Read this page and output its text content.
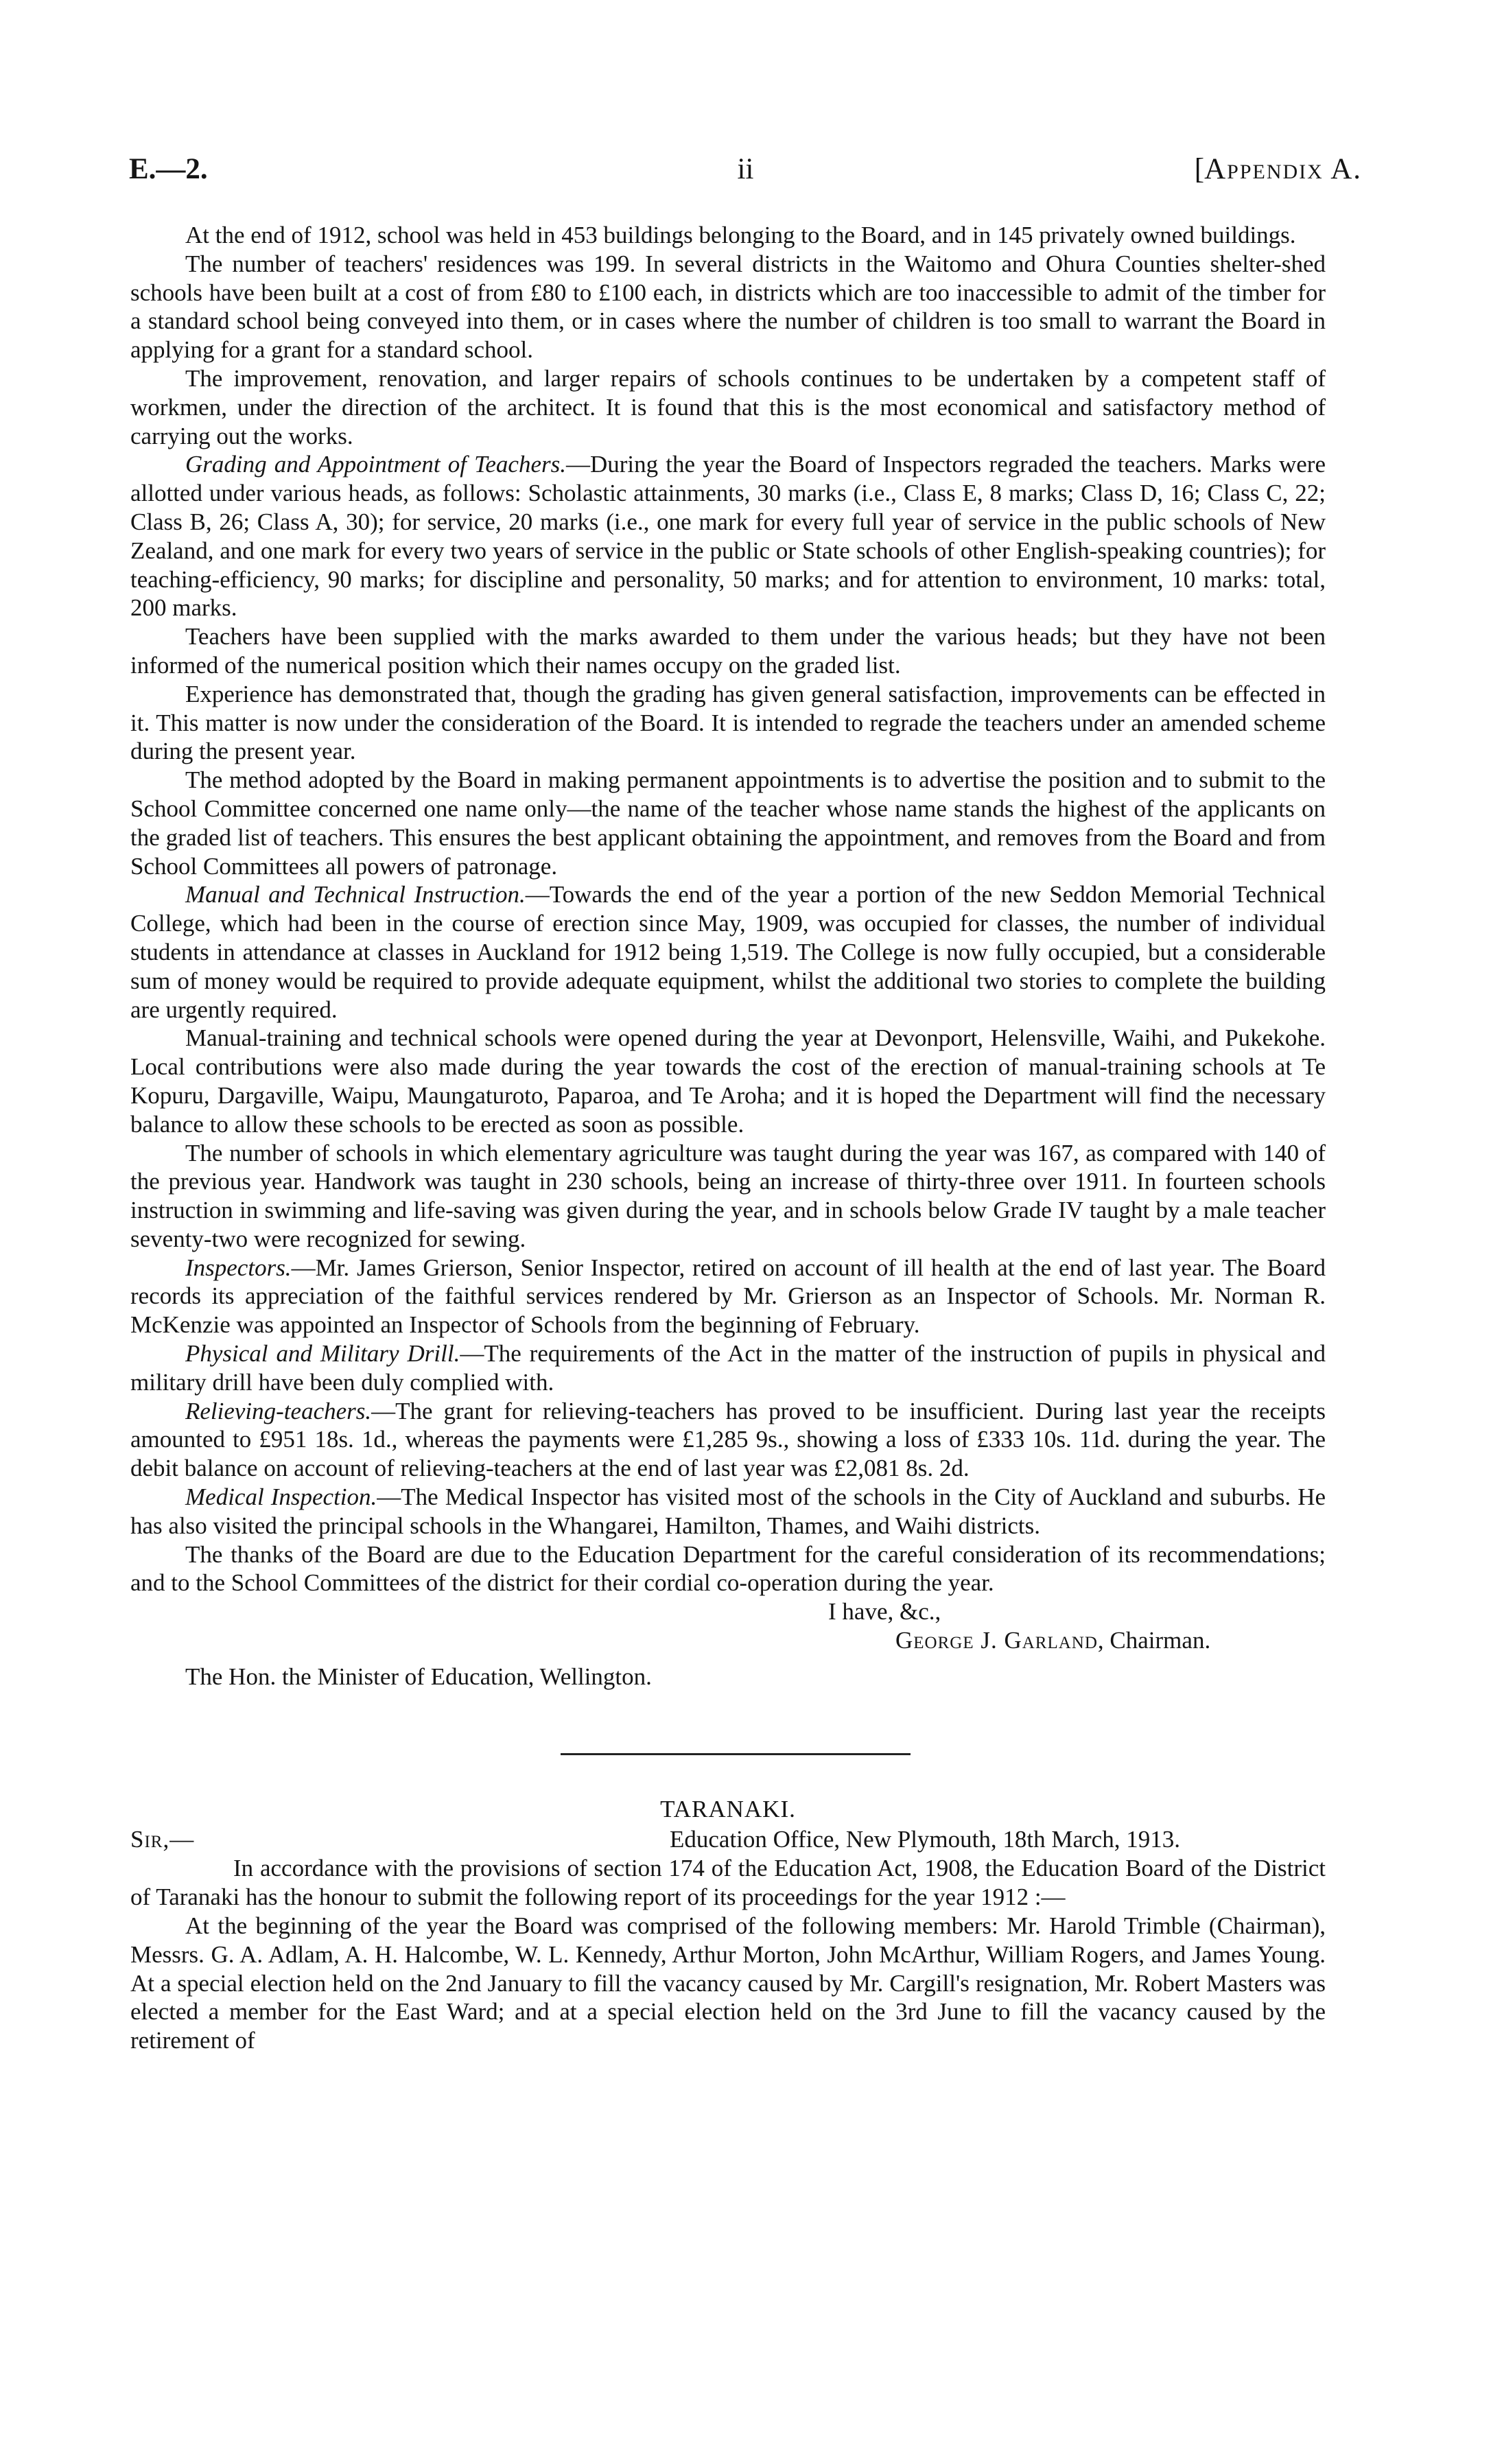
E.—2.	ii	[Appendix A.

At the end of 1912, school was held in 453 buildings belonging to the Board, and in 145 privately owned buildings.

The number of teachers' residences was 199. In several districts in the Waitomo and Ohura Counties shelter-shed schools have been built at a cost of from £80 to £100 each, in districts which are too inaccessible to admit of the timber for a standard school being conveyed into them, or in cases where the number of children is too small to warrant the Board in applying for a grant for a standard school.

The improvement, renovation, and larger repairs of schools continues to be undertaken by a competent staff of workmen, under the direction of the architect. It is found that this is the most economical and satisfactory method of carrying out the works.

Grading and Appointment of Teachers.—During the year the Board of Inspectors regraded the teachers. Marks were allotted under various heads, as follows: Scholastic attainments, 30 marks (i.e., Class E, 8 marks; Class D, 16; Class C, 22; Class B, 26; Class A, 30); for service, 20 marks (i.e., one mark for every full year of service in the public schools of New Zealand, and one mark for every two years of service in the public or State schools of other English-speaking countries); for teaching-efficiency, 90 marks; for discipline and personality, 50 marks; and for attention to environment, 10 marks: total, 200 marks.

Teachers have been supplied with the marks awarded to them under the various heads; but they have not been informed of the numerical position which their names occupy on the graded list.

Experience has demonstrated that, though the grading has given general satisfaction, improvements can be effected in it. This matter is now under the consideration of the Board. It is intended to regrade the teachers under an amended scheme during the present year.

The method adopted by the Board in making permanent appointments is to advertise the position and to submit to the School Committee concerned one name only—the name of the teacher whose name stands the highest of the applicants on the graded list of teachers. This ensures the best applicant obtaining the appointment, and removes from the Board and from School Committees all powers of patronage.

Manual and Technical Instruction.—Towards the end of the year a portion of the new Seddon Memorial Technical College, which had been in the course of erection since May, 1909, was occupied for classes, the number of individual students in attendance at classes in Auckland for 1912 being 1,519. The College is now fully occupied, but a considerable sum of money would be required to provide adequate equipment, whilst the additional two stories to complete the building are urgently required.

Manual-training and technical schools were opened during the year at Devonport, Helensville, Waihi, and Pukekohe. Local contributions were also made during the year towards the cost of the erection of manual-training schools at Te Kopuru, Dargaville, Waipu, Maungaturoto, Paparoa, and Te Aroha; and it is hoped the Department will find the necessary balance to allow these schools to be erected as soon as possible.

The number of schools in which elementary agriculture was taught during the year was 167, as compared with 140 of the previous year. Handwork was taught in 230 schools, being an increase of thirty-three over 1911. In fourteen schools instruction in swimming and life-saving was given during the year, and in schools below Grade IV taught by a male teacher seventy-two were recognized for sewing.

Inspectors.—Mr. James Grierson, Senior Inspector, retired on account of ill health at the end of last year. The Board records its appreciation of the faithful services rendered by Mr. Grierson as an Inspector of Schools. Mr. Norman R. McKenzie was appointed an Inspector of Schools from the beginning of February.

Physical and Military Drill.—The requirements of the Act in the matter of the instruction of pupils in physical and military drill have been duly complied with.

Relieving-teachers.—The grant for relieving-teachers has proved to be insufficient. During last year the receipts amounted to £951 18s. 1d., whereas the payments were £1,285 9s., showing a loss of £333 10s. 11d. during the year. The debit balance on account of relieving-teachers at the end of last year was £2,081 8s. 2d.

Medical Inspection.—The Medical Inspector has visited most of the schools in the City of Auckland and suburbs. He has also visited the principal schools in the Whangarei, Hamilton, Thames, and Waihi districts.

The thanks of the Board are due to the Education Department for the careful consideration of its recommendations; and to the School Committees of the district for their cordial co-operation during the year.

I have, &c.,

George J. Garland, Chairman.

The Hon. the Minister of Education, Wellington.

TARANAKI.
Sir,—	Education Office, New Plymouth, 18th March, 1913.

In accordance with the provisions of section 174 of the Education Act, 1908, the Education Board of the District of Taranaki has the honour to submit the following report of its proceedings for the year 1912 :—

At the beginning of the year the Board was comprised of the following members: Mr. Harold Trimble (Chairman), Messrs. G. A. Adlam, A. H. Halcombe, W. L. Kennedy, Arthur Morton, John McArthur, William Rogers, and James Young. At a special election held on the 2nd January to fill the vacancy caused by Mr. Cargill's resignation, Mr. Robert Masters was elected a member for the East Ward; and at a special election held on the 3rd June to fill the vacancy caused by the retirement of
